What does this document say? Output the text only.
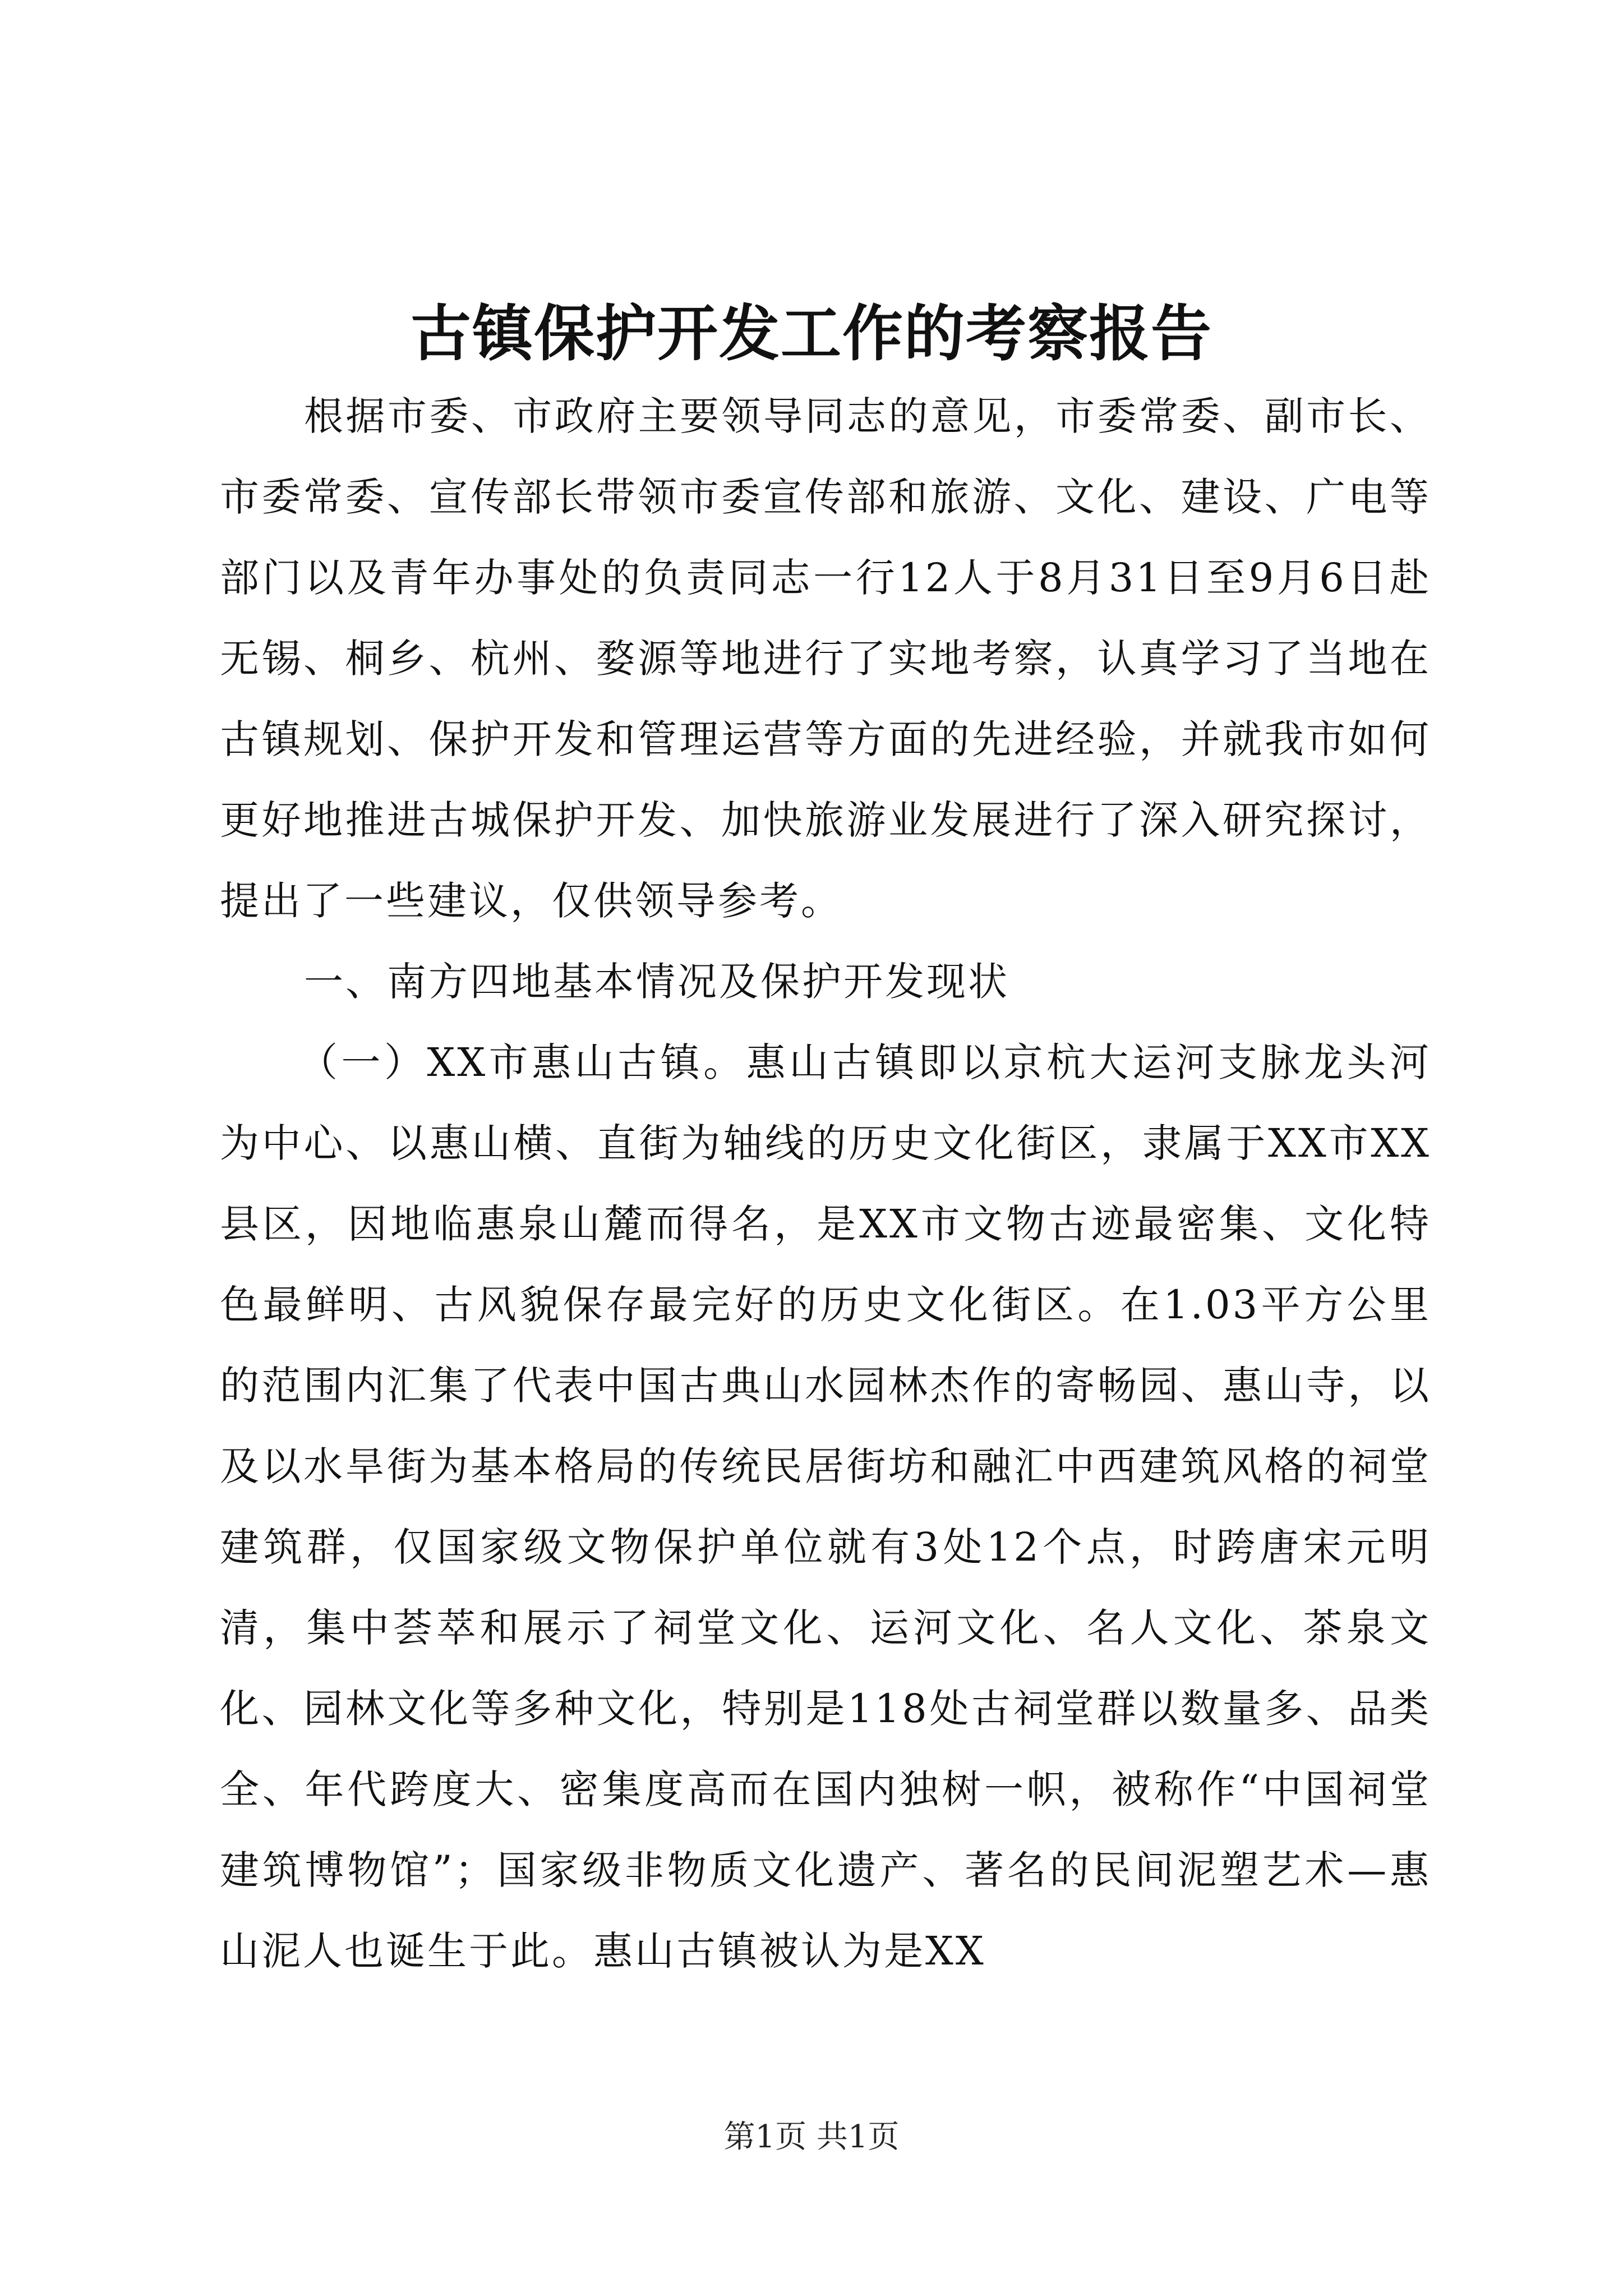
古镇保护开发工作的考察报告

根据市委、市政府主要领导同志的意见，市委常委、副市长、市委常委、宣传部长带领市委宣传部和旅游、文化、建设、广电等部门以及青年办事处的负责同志一行12人于8月31日至9月6日赴无锡、桐乡、杭州、婺源等地进行了实地考察，认真学习了当地在古镇规划、保护开发和管理运营等方面的先进经验，并就我市如何更好地推进古城保护开发、加快旅游业发展进行了深入研究探讨，提出了一些建议，仅供领导参考。

一、南方四地基本情况及保护开发现状

（一）XX市惠山古镇。惠山古镇即以京杭大运河支脉龙头河为中心、以惠山横、直街为轴线的历史文化街区，隶属于XX市XX县区，因地临惠泉山麓而得名，是XX市文物古迹最密集、文化特色最鲜明、古风貌保存最完好的历史文化街区。在1.03平方公里的范围内汇集了代表中国古典山水园林杰作的寄畅园、惠山寺，以及以水旱街为基本格局的传统民居街坊和融汇中西建筑风格的祠堂建筑群，仅国家级文物保护单位就有3处12个点，时跨唐宋元明清，集中荟萃和展示了祠堂文化、运河文化、名人文化、茶泉文化、园林文化等多种文化，特别是118处古祠堂群以数量多、品类全、年代跨度大、密集度高而在国内独树一帜，被称作“中国祠堂建筑博物馆”；国家级非物质文化遗产、著名的民间泥塑艺术—惠山泥人也诞生于此。惠山古镇被认为是XX

第1页 共1页
